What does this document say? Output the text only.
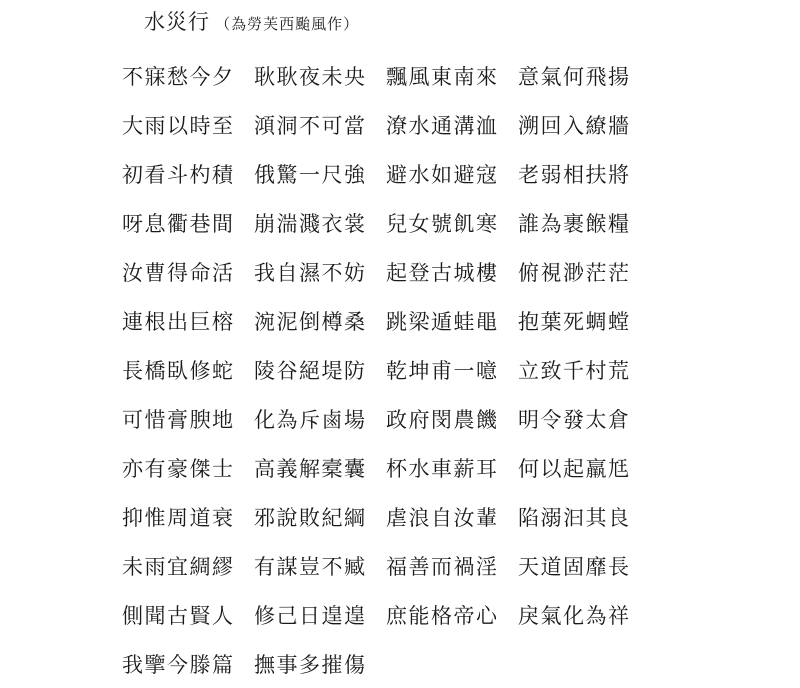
水災行 （為勞芙西颱風作）
不寐愁今夕 耿耿夜未央 飄風東南來 意氣何飛揚
大雨以時至 澒洞不可當 潦水通溝洫 溯回入繚牆
初看斗杓積 俄驚一尺強 避水如避寇 老弱相扶將
呀息衢巷間 崩湍濺衣裳 兒女號飢寒 誰為裹餱糧
汝曹得命活 我自濕不妨 起登古城樓 俯視渺茫茫
連根出巨榕 涴泥倒樽桑 跳梁遁蛙黽 抱葉死蜩螳
長橋臥修蛇 陵谷絕堤防 乾坤甫一噫 立致千村荒
可惜膏腴地 化為斥鹵場 政府閔農饑 明令發太倉
亦有豪傑士 高義解槖囊 杯水車薪耳 何以起羸尪
抑惟周道衰 邪說敗紀綱 虐浪自汝輩 陷溺汩其良
未雨宜綢繆 有謀豈不臧 福善而禍淫 天道固靡長
側聞古賢人 修己日遑遑 庶能格帝心 戾氣化為祥
我擥今滕篇 撫事多摧傷
